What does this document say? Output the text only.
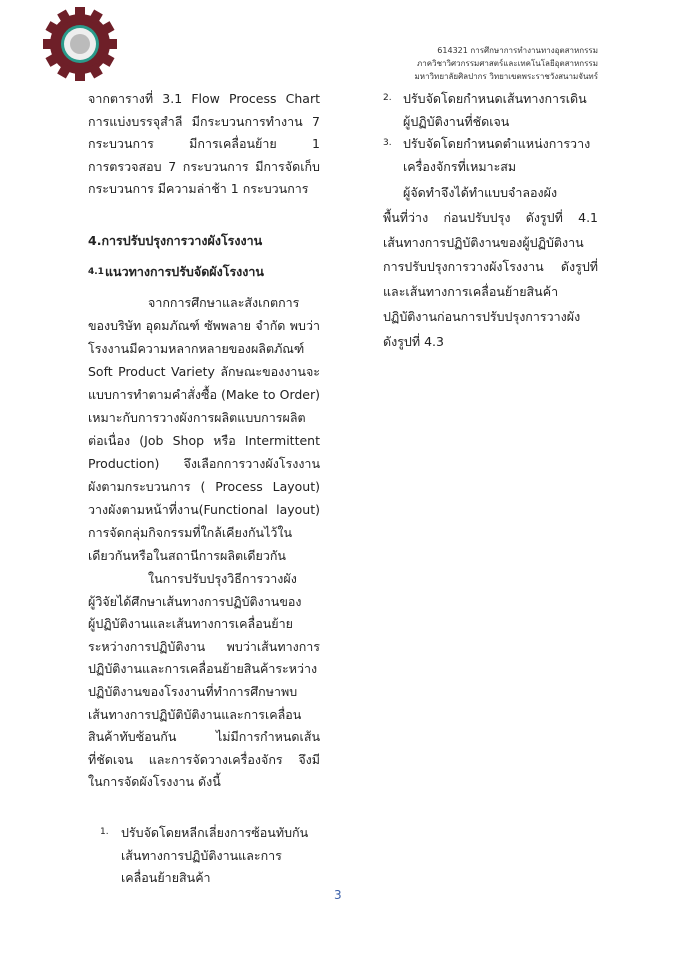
614321 การศึกษาการทำงานทางอุตสาหกรรม
ภาควิชาวิศวกรรมศาสตร์และเทคโนโลยีอุตสาหกรรม
มหาวิทยาลัยศิลปากร วิทยาเขตพระราชวังสนามจันทร์
จากตารางที่ 3.1 Flow Process Chart
การแบ่งบรรจุสำลี มีกระบวนการทำงาน 7
กระบวนการ มีการเคลื่อนย้าย 1
การตรวจสอบ 7 กระบวนการ มีการจัดเก็บ
กระบวนการ มีความล่าช้า 1 กระบวนการ
4.การปรับปรุงการวางผังโรงงาน
4.1 แนวทางการปรับจัดผังโรงงาน
จากการศึกษาและสังเกตการ
ของบริษัท อุดมภัณฑ์ ซัพพลาย จำกัด พบว่า
โรงงานมีความหลากหลายของผลิตภัณฑ์
Soft Product Variety ลักษณะของงานจะ
แบบการทำตามคำสั่งซื้อ (Make to Order)
เหมาะกับการวางผังการผลิตแบบการผลิต
ต่อเนื่อง (Job Shop หรือ Intermittent
Production) จึงเลือกการวางผังโรงงาน
ผังตามกระบวนการ ( Process Layout)
วางผังตามหน้าที่งาน(Functional layout)
การจัดกลุ่มกิจกรรมที่ใกล้เคียงกันไว้ใน
เดียวกันหรือในสถานีการผลิตเดียวกัน
ในการปรับปรุงวิธีการวางผัง
ผู้วิจัยได้ศึกษาเส้นทางการปฏิบัติงานของ
ผู้ปฏิบัติงานและเส้นทางการเคลื่อนย้าย
ระหว่างการปฏิบัติงาน พบว่าเส้นทางการ
ปฏิบัติงานและการเคลื่อนย้ายสินค้าระหว่าง
ปฏิบัติงานของโรงงานที่ทำการศึกษาพบ
เส้นทางการปฏิบัติบัติงานและการเคลื่อน
สินค้าทับซ้อนกัน ไม่มีการกำหนดเส้น
ที่ชัดเจน และการจัดวางเครื่องจักร จึงมี
ในการจัดผังโรงงาน ดังนี้
1. ปรับจัดโดยหลีกเลี่ยงการซ้อนทับกัน
เส้นทางการปฏิบัติงานและการ
เคลื่อนย้ายสินค้า
2. ปรับจัดโดยกำหนดเส้นทางการเดิน
ผู้ปฏิบัติงานที่ชัดเจน
3. ปรับจัดโดยกำหนดตำแหน่งการวาง
เครื่องจักรที่เหมาะสม
ผู้จัดทำจึงได้ทำแบบจำลองผัง
พื้นที่ว่าง ก่อนปรับปรุง ดังรูปที่ 4.1
เส้นทางการปฏิบัติงานของผู้ปฏิบัติงาน
การปรับปรุงการวางผังโรงงาน ดังรูปที่
และเส้นทางการเคลื่อนย้ายสินค้า
ปฏิบัติงานก่อนการปรับปรุงการวางผัง
ดังรูปที่ 4.3
3
